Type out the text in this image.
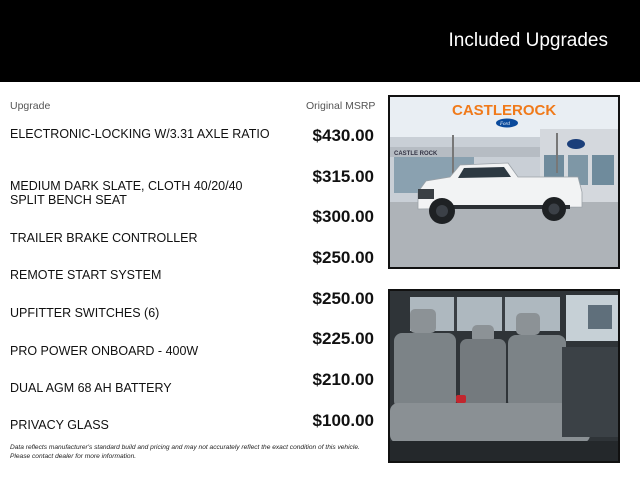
Included Upgrades
Upgrade	Original MSRP
ELECTRONIC-LOCKING W/3.31 AXLE RATIO
MEDIUM DARK SLATE, CLOTH 40/20/40 SPLIT BENCH SEAT
TRAILER BRAKE CONTROLLER
REMOTE START SYSTEM
UPFITTER SWITCHES (6)
PRO POWER ONBOARD - 400W
DUAL AGM 68 AH BATTERY
PRIVACY GLASS
$430.00
$315.00
$300.00
$250.00
$250.00
$225.00
$210.00
$100.00
Data reflects manufacturer's standard build and pricing and may not accurately reflect the exact condition of this vehicle. Please contact dealer for more information.
CASTLE ROCK
CASTLEROCK
Ford
